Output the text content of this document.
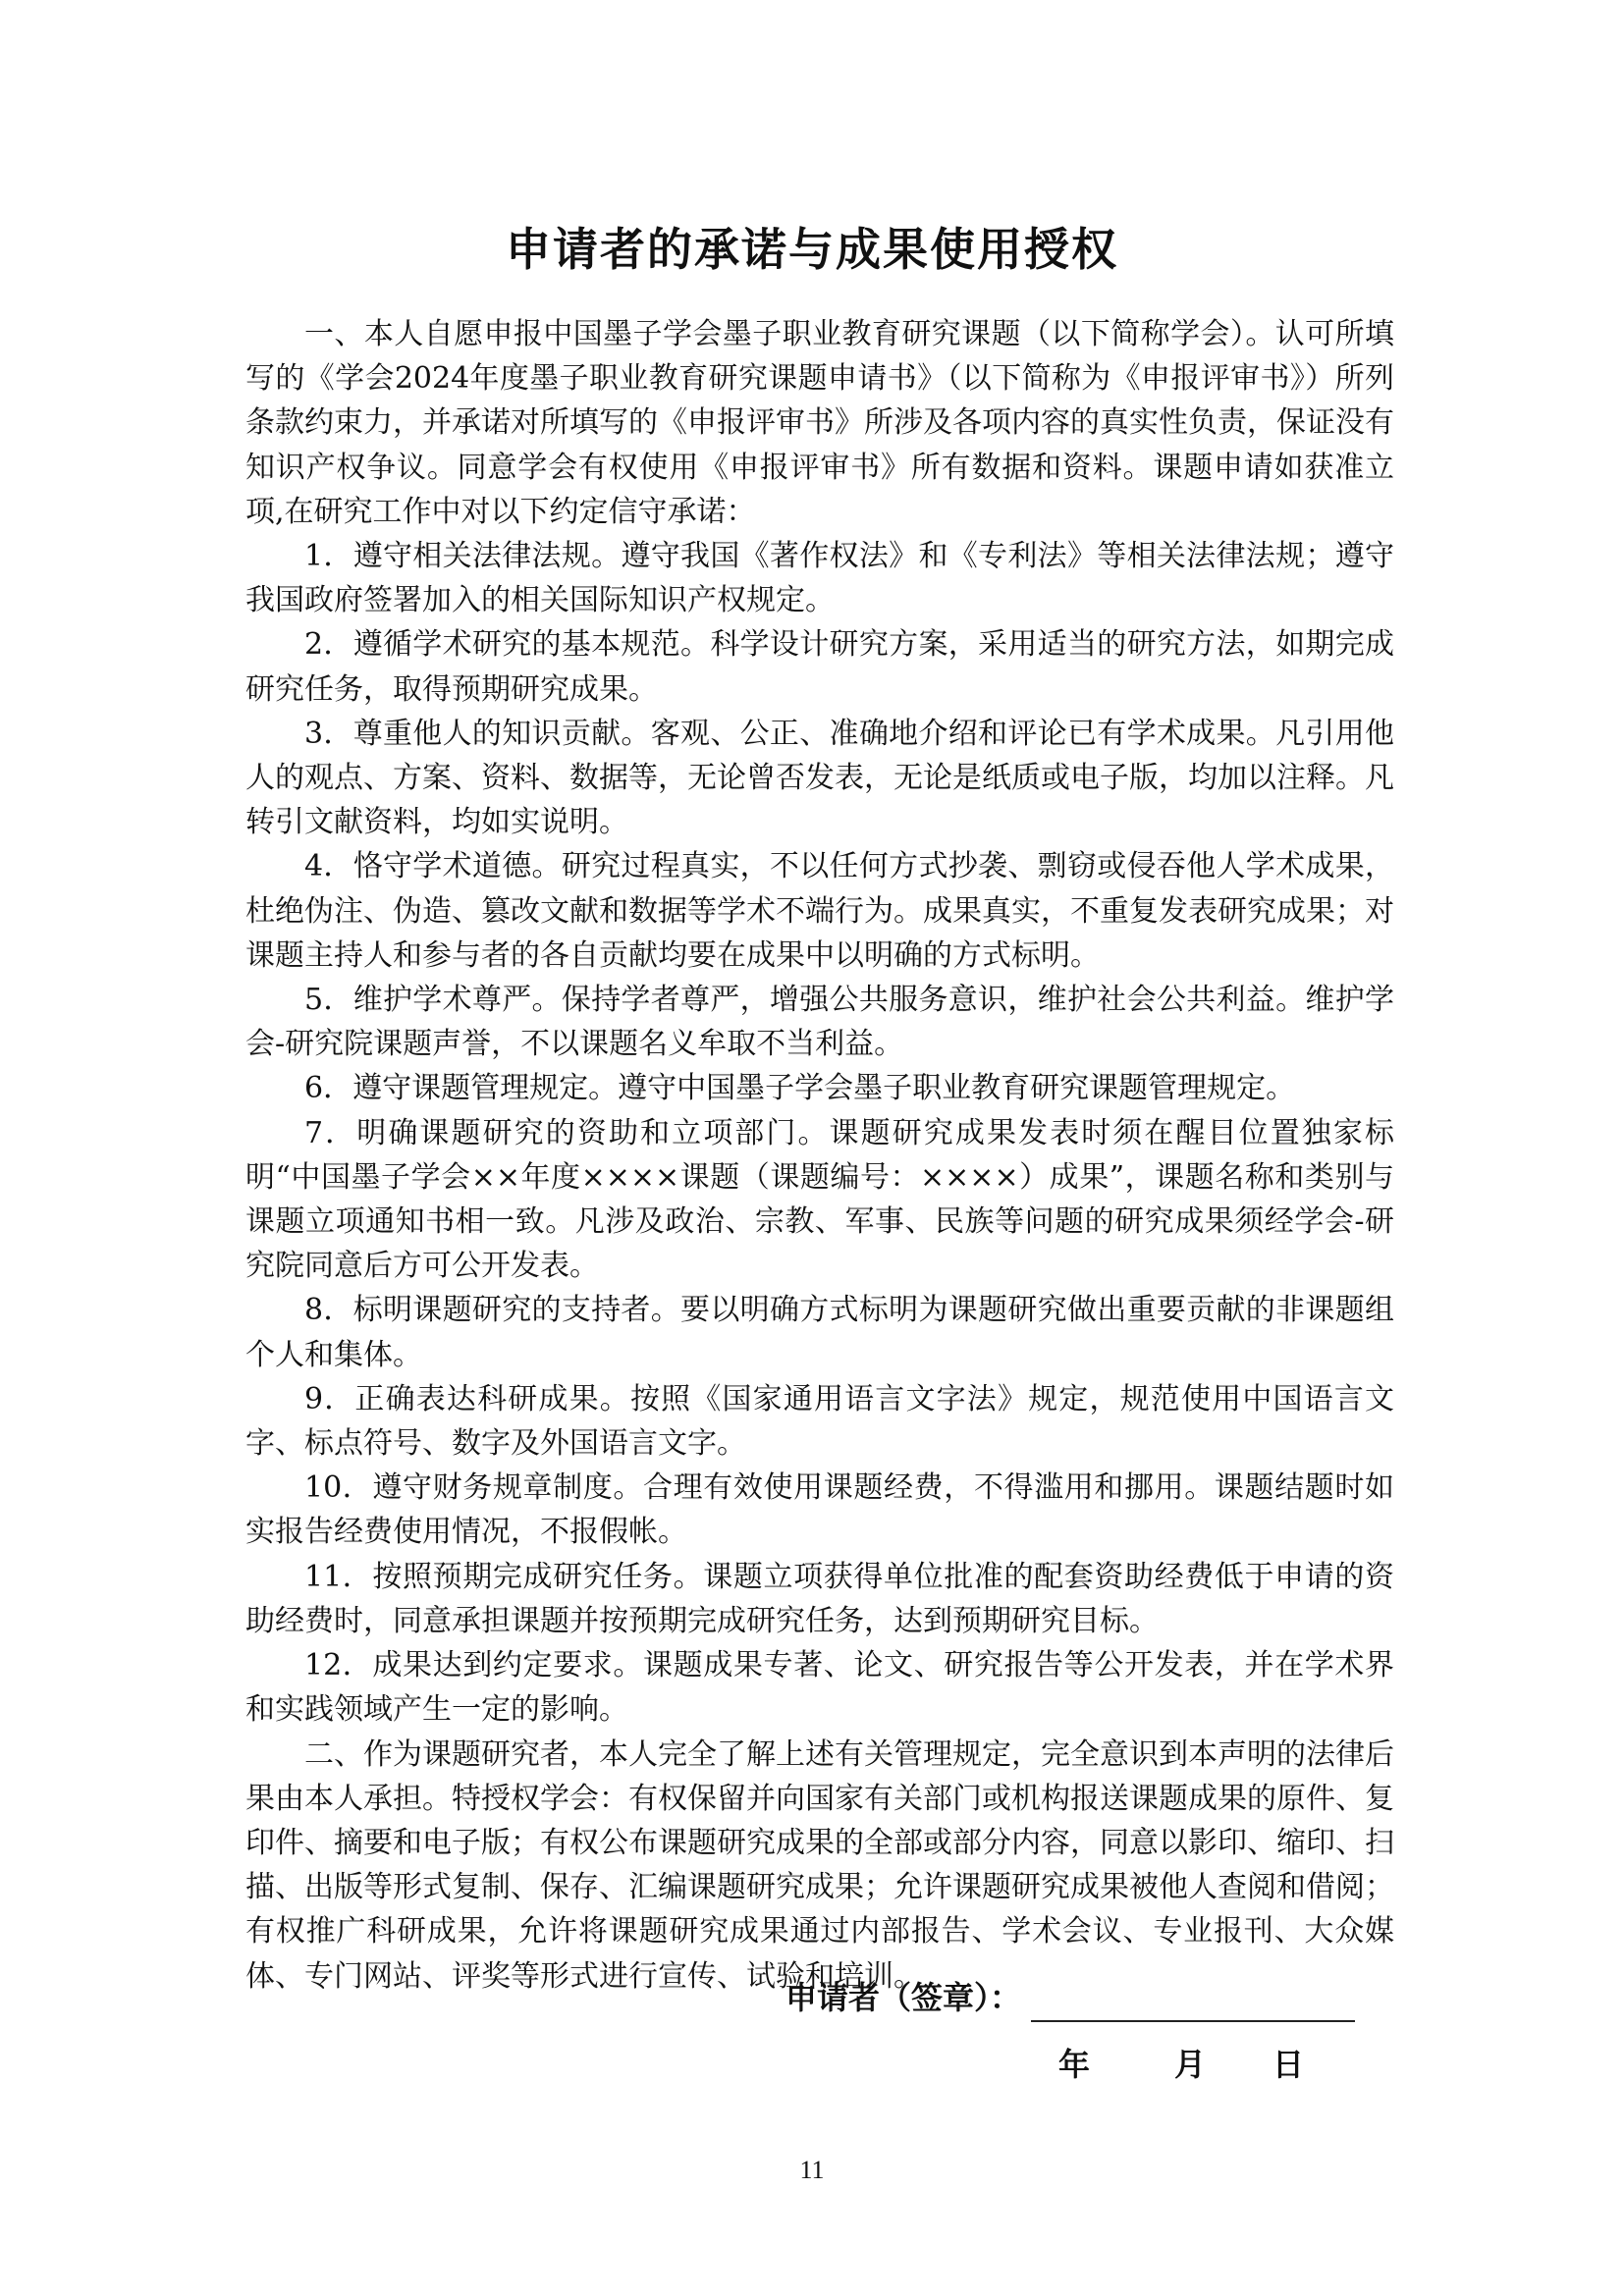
申请者的承诺与成果使用授权

一、本人自愿申报中国墨子学会墨子职业教育研究课题（以下简称学会）。认可所填写的《学会2024年度墨子职业教育研究课题申请书》（以下简称为《申报评审书》）所列条款约束力，并承诺对所填写的《申报评审书》所涉及各项内容的真实性负责，保证没有知识产权争议。同意学会有权使用《申报评审书》所有数据和资料。课题申请如获准立项,在研究工作中对以下约定信守承诺：

1．遵守相关法律法规。遵守我国《著作权法》和《专利法》等相关法律法规；遵守我国政府签署加入的相关国际知识产权规定。

2．遵循学术研究的基本规范。科学设计研究方案，采用适当的研究方法，如期完成研究任务，取得预期研究成果。

3．尊重他人的知识贡献。客观、公正、准确地介绍和评论已有学术成果。凡引用他人的观点、方案、资料、数据等，无论曾否发表，无论是纸质或电子版，均加以注释。凡转引文献资料，均如实说明。

4．恪守学术道德。研究过程真实，不以任何方式抄袭、剽窃或侵吞他人学术成果，杜绝伪注、伪造、篡改文献和数据等学术不端行为。成果真实，不重复发表研究成果；对课题主持人和参与者的各自贡献均要在成果中以明确的方式标明。

5．维护学术尊严。保持学者尊严，增强公共服务意识，维护社会公共利益。维护学会-研究院课题声誉，不以课题名义牟取不当利益。

6．遵守课题管理规定。遵守中国墨子学会墨子职业教育研究课题管理规定。

7．明确课题研究的资助和立项部门。课题研究成果发表时须在醒目位置独家标明“中国墨子学会××年度××××课题（课题编号：××××）成果”，课题名称和类别与课题立项通知书相一致。凡涉及政治、宗教、军事、民族等问题的研究成果须经学会-研究院同意后方可公开发表。

8．标明课题研究的支持者。要以明确方式标明为课题研究做出重要贡献的非课题组个人和集体。

9．正确表达科研成果。按照《国家通用语言文字法》规定，规范使用中国语言文字、标点符号、数字及外国语言文字。

10．遵守财务规章制度。合理有效使用课题经费，不得滥用和挪用。课题结题时如实报告经费使用情况，不报假帐。

11．按照预期完成研究任务。课题立项获得单位批准的配套资助经费低于申请的资助经费时，同意承担课题并按预期完成研究任务，达到预期研究目标。

12．成果达到约定要求。课题成果专著、论文、研究报告等公开发表，并在学术界和实践领域产生一定的影响。

二、作为课题研究者，本人完全了解上述有关管理规定，完全意识到本声明的法律后果由本人承担。特授权学会：有权保留并向国家有关部门或机构报送课题成果的原件、复印件、摘要和电子版；有权公布课题研究成果的全部或部分内容，同意以影印、缩印、扫描、出版等形式复制、保存、汇编课题研究成果；允许课题研究成果被他人查阅和借阅；有权推广科研成果，允许将课题研究成果通过内部报告、学术会议、专业报刊、大众媒体、专门网站、评奖等形式进行宣传、试验和培训。

申请者（签章）：
年	月 日
11
